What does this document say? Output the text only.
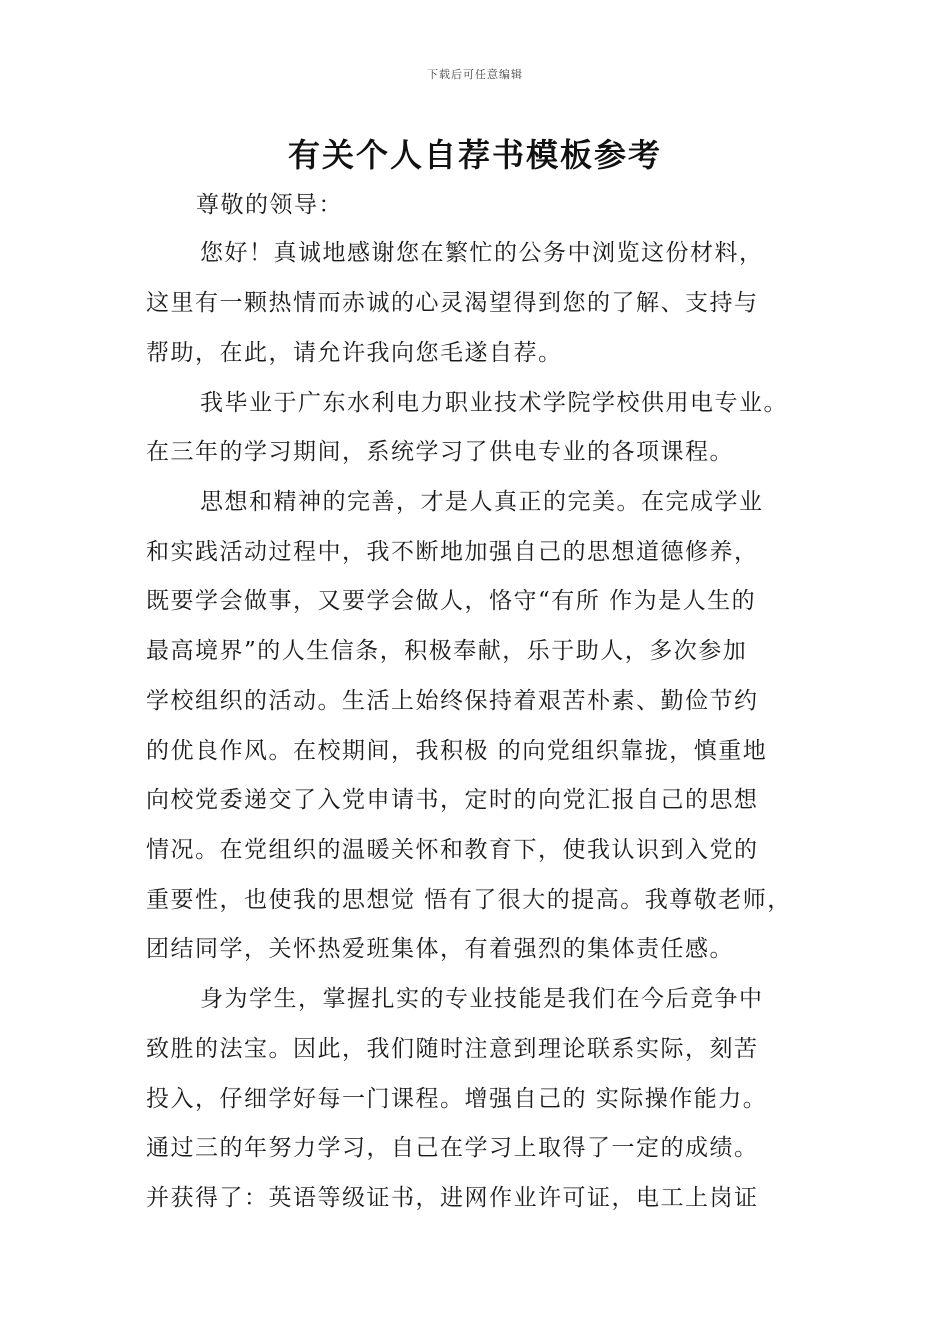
下载后可任意编辑
有关个人自荐书模板参考
尊敬的领导：
您好！真诚地感谢您在繁忙的公务中浏览这份材料，
这里有一颗热情而赤诚的心灵渴望得到您的了解、支持与
帮助，在此，请允许我向您毛遂自荐。
我毕业于广东水利电力职业技术学院学校供用电专业。
在三年的学习期间，系统学习了供电专业的各项课程。
思想和精神的完善，才是人真正的完美。在完成学业
和实践活动过程中，我不断地加强自己的思想道德修养，
既要学会做事，又要学会做人，恪守“有所 作为是人生的
最高境界”的人生信条，积极奉献，乐于助人，多次参加
学校组织的活动。生活上始终保持着艰苦朴素、勤俭节约
的优良作风。在校期间，我积极 的向党组织靠拢，慎重地
向校党委递交了入党申请书，定时的向党汇报自己的思想
情况。在党组织的温暖关怀和教育下，使我认识到入党的
重要性，也使我的思想觉 悟有了很大的提高。我尊敬老师，
团结同学，关怀热爱班集体，有着强烈的集体责任感。
身为学生，掌握扎实的专业技能是我们在今后竞争中
致胜的法宝。因此，我们随时注意到理论联系实际，刻苦
投入，仔细学好每一门课程。增强自己的 实际操作能力。
通过三的年努力学习，自己在学习上取得了一定的成绩。
并获得了：英语等级证书，进网作业许可证，电工上岗证
